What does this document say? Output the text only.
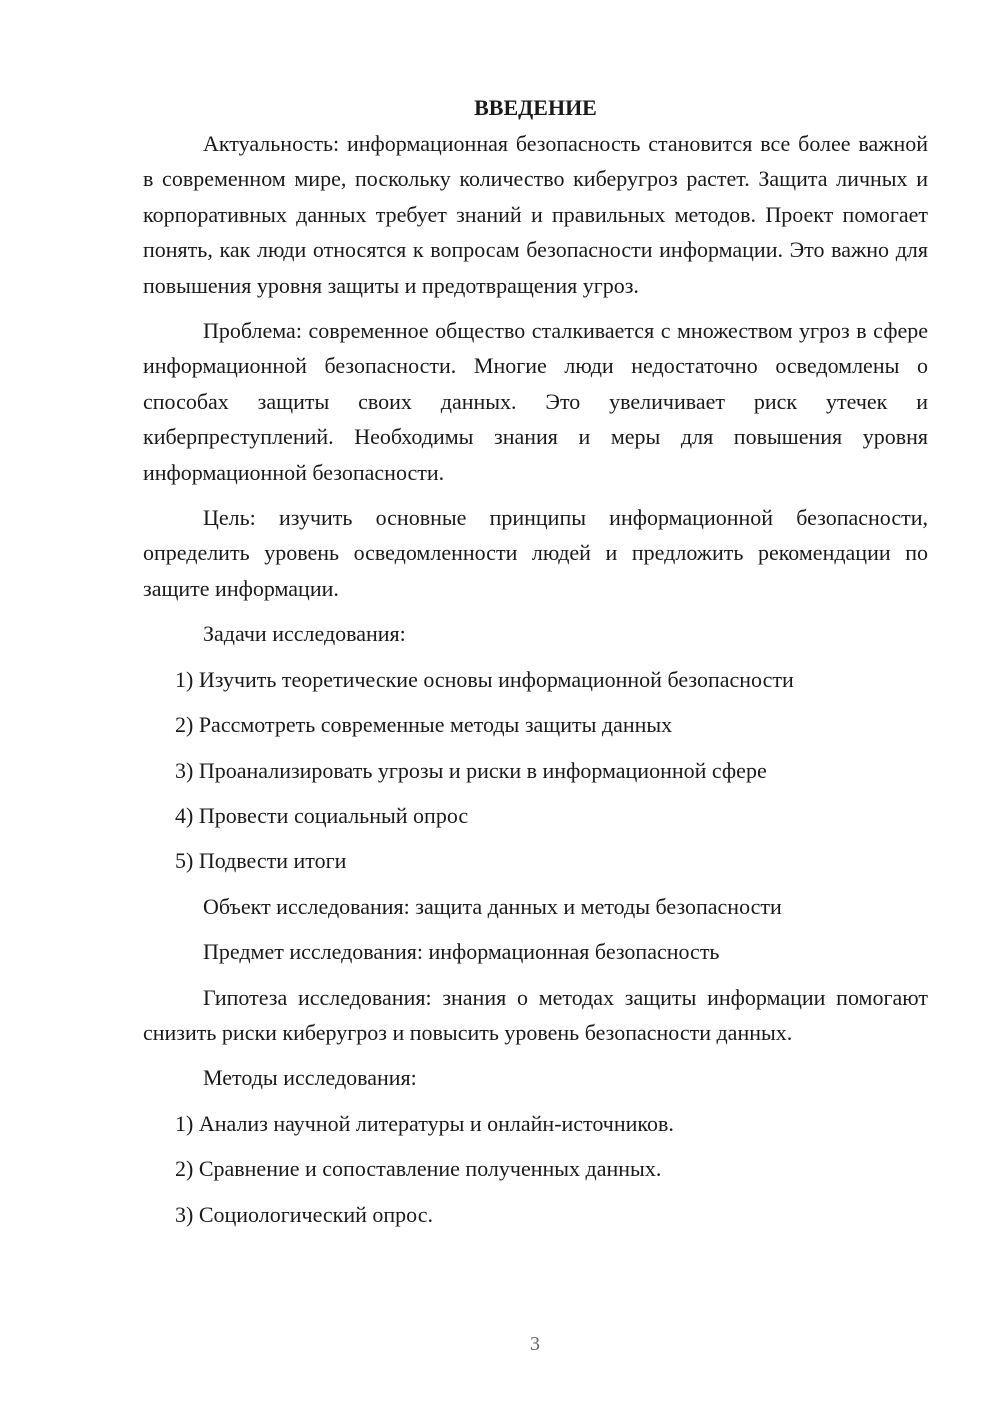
ВВЕДЕНИЕ

Актуальность: информационная безопасность становится все более важной в современном мире, поскольку количество киберугроз растет. Защита личных и корпоративных данных требует знаний и правильных методов. Проект помогает понять, как люди относятся к вопросам безопасности информации. Это важно для повышения уровня защиты и предотвращения угроз.

Проблема: современное общество сталкивается с множеством угроз в сфере информационной безопасности. Многие люди недостаточно осведомлены о способах защиты своих данных. Это увеличивает риск утечек и киберпреступлений. Необходимы знания и меры для повышения уровня информационной безопасности.

Цель: изучить основные принципы информационной безопасности, определить уровень осведомленности людей и предложить рекомендации по защите информации.

Задачи исследования:
1) Изучить теоретические основы информационной безопасности
2) Рассмотреть современные методы защиты данных
3) Проанализировать угрозы и риски в информационной сфере
4) Провести социальный опрос
5) Подвести итоги
Объект исследования: защита данных и методы безопасности
Предмет исследования: информационная безопасность

Гипотеза исследования: знания о методах защиты информации помогают снизить риски киберугроз и повысить уровень безопасности данных.

Методы исследования:
1) Анализ научной литературы и онлайн-источников.
2) Сравнение и сопоставление полученных данных.
3) Социологический опрос.
3
